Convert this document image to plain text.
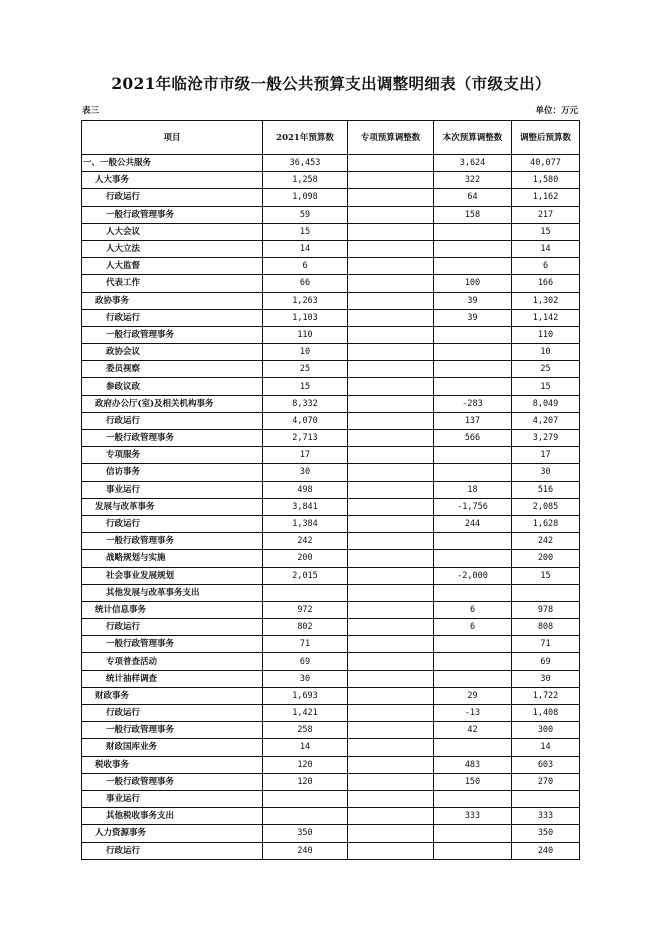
2021年临沧市市级一般公共预算支出调整明细表（市级支出）
表三	单位：万元
项目	2021年预算数	专项预算调整数	本次预算调整数	调整后预算数
一、一般公共服务	36,453		3,624	40,077
人大事务	1,258		322	1,580
行政运行	1,098		64	1,162
一般行政管理事务	59		158	217
人大会议	15			15
人大立法	14			14
人大监督	6			6
代表工作	66		100	166
政协事务	1,263		39	1,302
行政运行	1,103		39	1,142
一般行政管理事务	110			110
政协会议	10			10
委员视察	25			25
参政议政	15			15
政府办公厅(室)及相关机构事务	8,332		-283	8,049
行政运行	4,070		137	4,207
一般行政管理事务	2,713		566	3,279
专项服务	17			17
信访事务	30			30
事业运行	498		18	516
发展与改革事务	3,841		-1,756	2,085
行政运行	1,384		244	1,628
一般行政管理事务	242			242
战略规划与实施	200			200
社会事业发展规划	2,015		-2,000	15
其他发展与改革事务支出				
统计信息事务	972		6	978
行政运行	802		6	808
一般行政管理事务	71			71
专项普查活动	69			69
统计抽样调查	30			30
财政事务	1,693		29	1,722
行政运行	1,421		-13	1,408
一般行政管理事务	258		42	300
财政国库业务	14			14
税收事务	120		483	603
一般行政管理事务	120		150	270
事业运行				
其他税收事务支出			333	333
人力资源事务	350			350
行政运行	240			240
